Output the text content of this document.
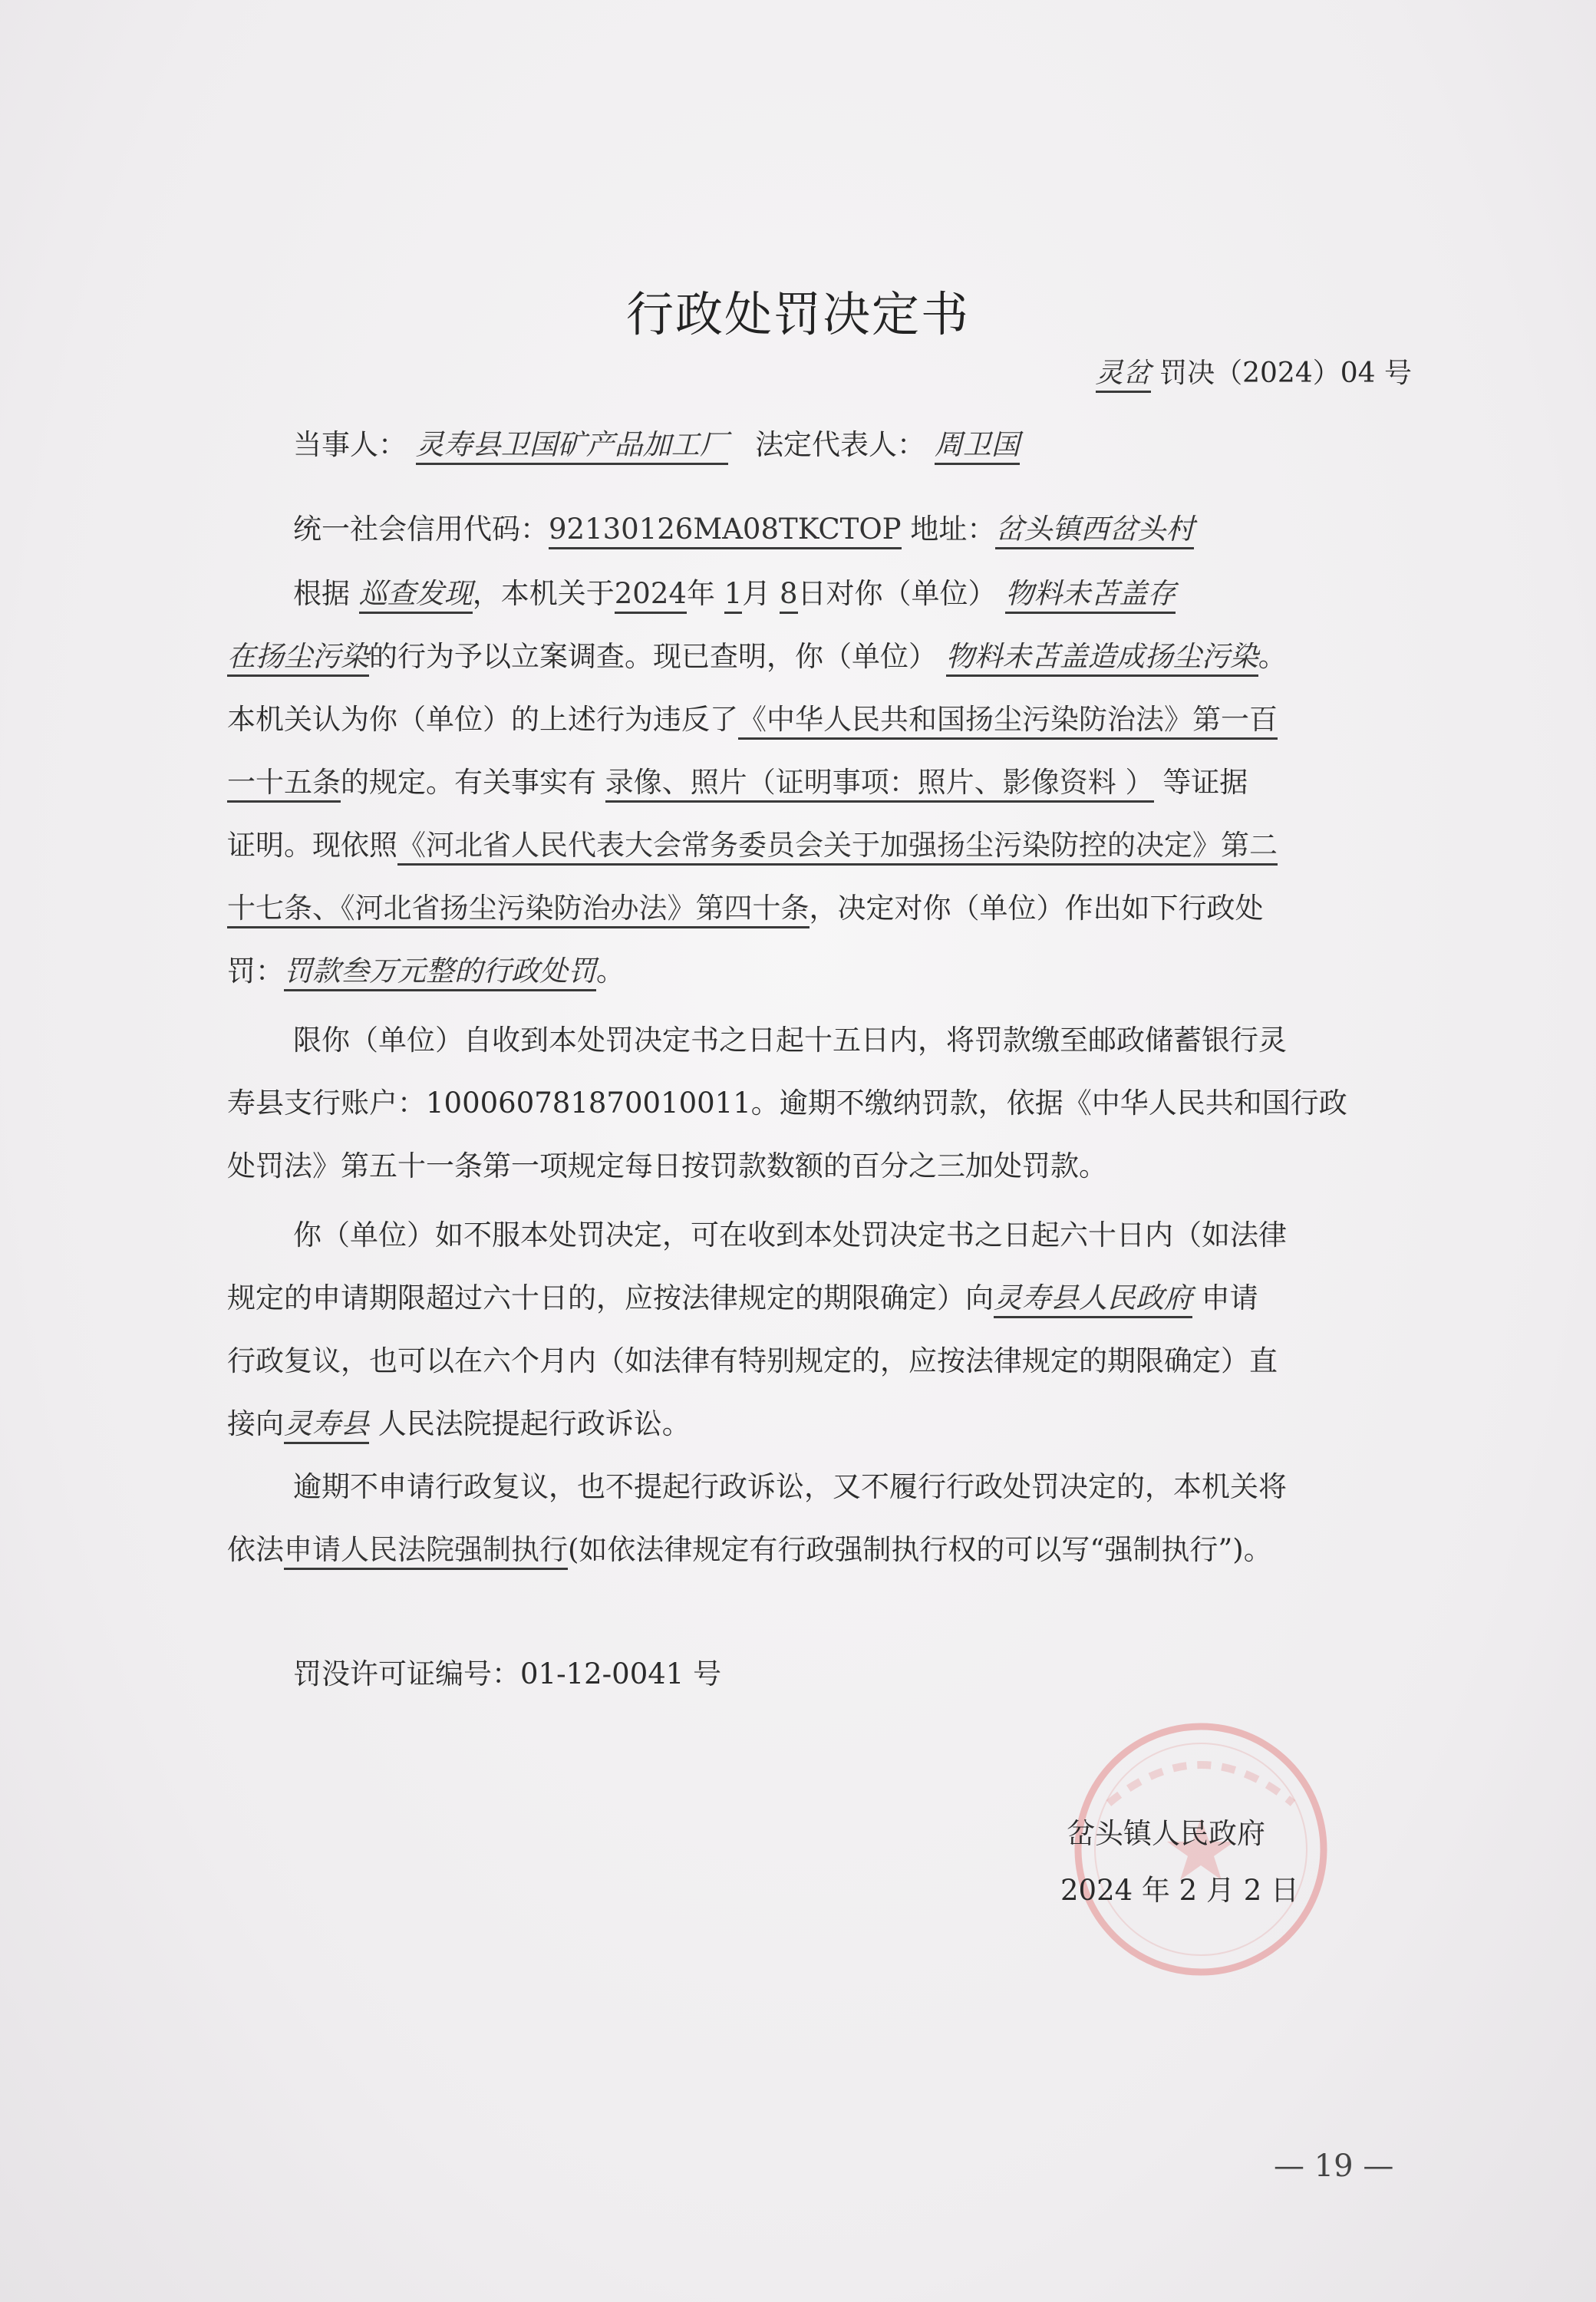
行政处罚决定书
灵岔 罚决（2024）04 号
当事人： 灵寿县卫国矿产品加工厂 法定代表人： 周卫国
统一社会信用代码：92130126MA08TKCTOP 地址：岔头镇西岔头村
根据 巡查发现，本机关于2024年 1月 8日对你（单位） 物料未苫盖存
在扬尘污染的行为予以立案调查。现已查明，你（单位） 物料未苫盖造成扬尘污染。
本机关认为你（单位）的上述行为违反了《中华人民共和国扬尘污染防治法》第一百
一十五条的规定。有关事实有 录像、照片（证明事项：照片、影像资料 ） 等证据
证明。现依照《河北省人民代表大会常务委员会关于加强扬尘污染防控的决定》第二
十七条、《河北省扬尘污染防治办法》第四十条，决定对你（单位）作出如下行政处
罚：罚款叁万元整的行政处罚。
限你（单位）自收到本处罚决定书之日起十五日内，将罚款缴至邮政储蓄银行灵
寿县支行账户：100060781870010011。逾期不缴纳罚款，依据《中华人民共和国行政
处罚法》第五十一条第一项规定每日按罚款数额的百分之三加处罚款。
你（单位）如不服本处罚决定，可在收到本处罚决定书之日起六十日内（如法律
规定的申请期限超过六十日的，应按法律规定的期限确定）向灵寿县人民政府 申请
行政复议，也可以在六个月内（如法律有特别规定的，应按法律规定的期限确定）直
接向灵寿县 人民法院提起行政诉讼。
逾期不申请行政复议，也不提起行政诉讼，又不履行行政处罚决定的，本机关将
依法申请人民法院强制执行(如依法律规定有行政强制执行权的可以写“强制执行”)。
罚没许可证编号：01-12-0041 号
岔头镇人民政府
2024 年 2 月 2 日
— 19 —
